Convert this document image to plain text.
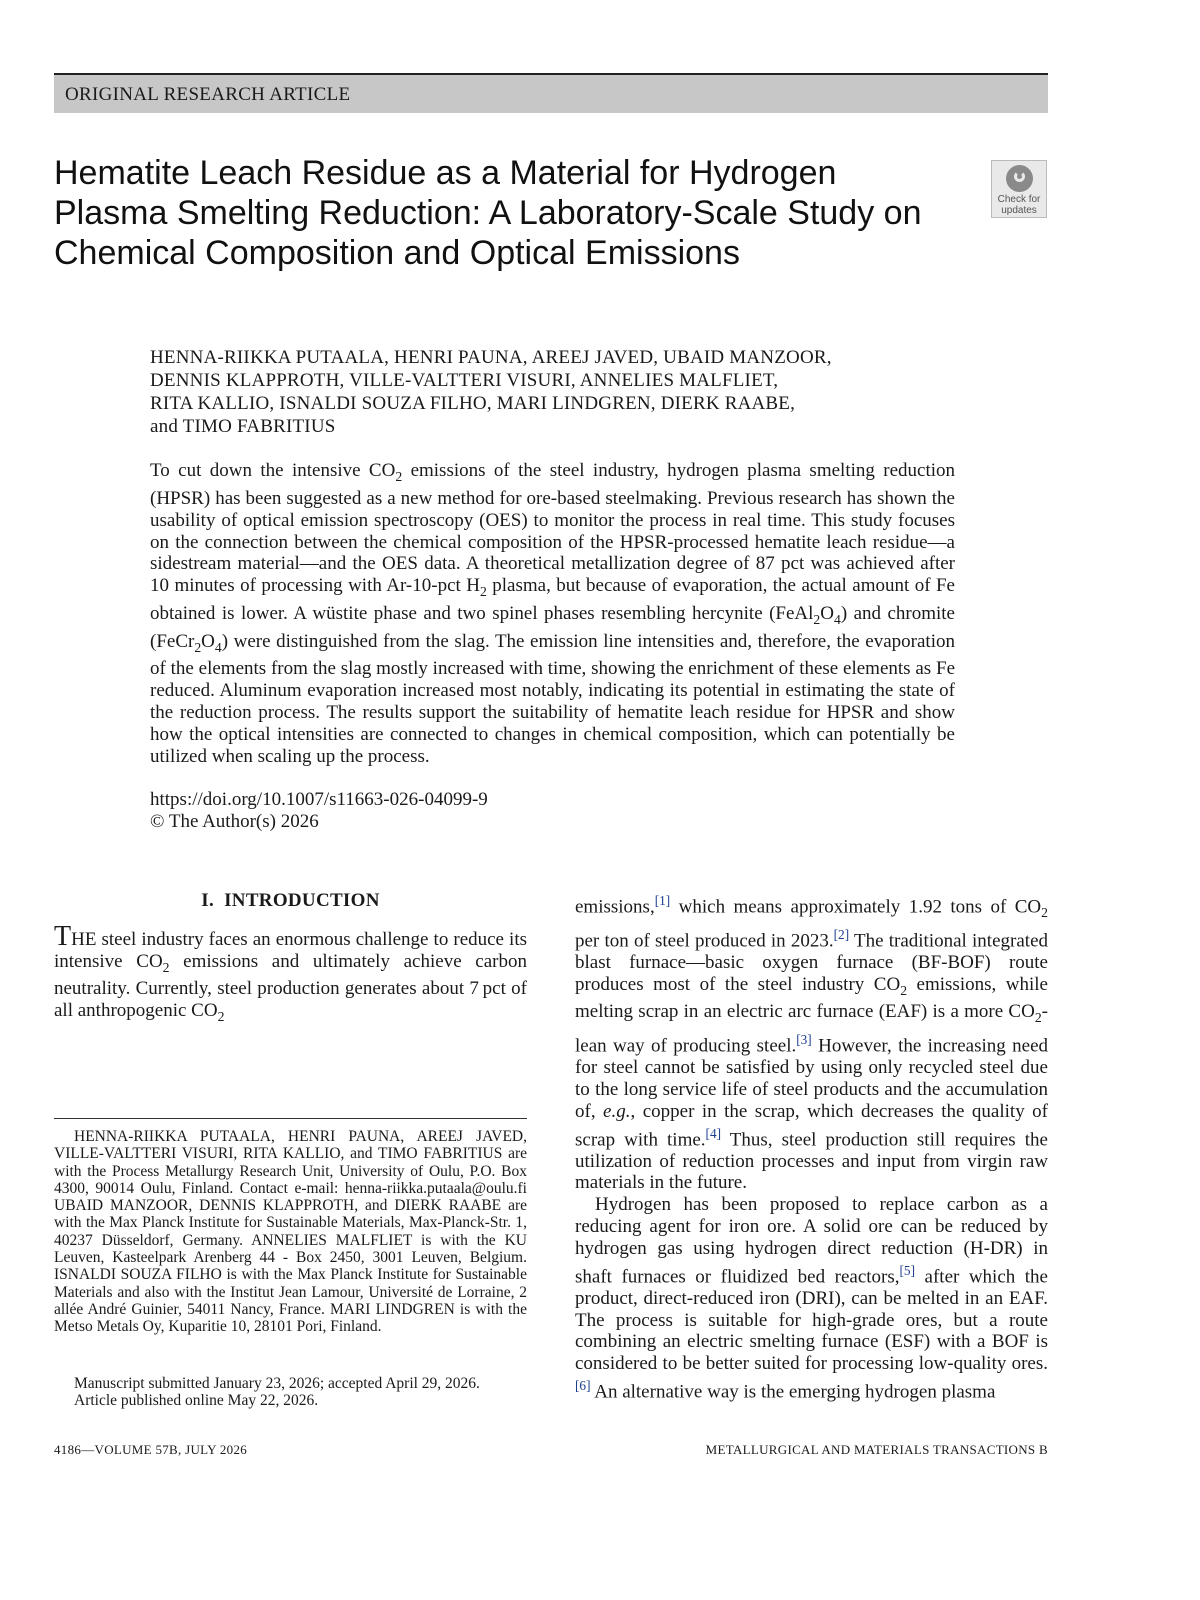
ORIGINAL RESEARCH ARTICLE
Hematite Leach Residue as a Material for Hydrogen Plasma Smelting Reduction: A Laboratory-Scale Study on Chemical Composition and Optical Emissions
Check for
updates
HENNA-RIIKKA PUTAALA, HENRI PAUNA, AREEJ JAVED, UBAID MANZOOR,
DENNIS KLAPPROTH, VILLE-VALTTERI VISURI, ANNELIES MALFLIET,
RITA KALLIO, ISNALDI SOUZA FILHO, MARI LINDGREN, DIERK RAABE,
and TIMO FABRITIUS

To cut down the intensive $CO_2$ emissions of the steel industry, hydrogen plasma smelting reduction (HPSR) has been suggested as a new method for ore-based steelmaking. Previous research has shown the usability of optical emission spectroscopy (OES) to monitor the process in real time. This study focuses on the connection between the chemical composition of the HPSR-processed hematite leach residue—a sidestream material—and the OES data. A theoretical metallization degree of 87 pct was achieved after 10 minutes of processing with Ar-10-pct $H_2$ plasma, but because of evaporation, the actual amount of Fe obtained is lower. A wüstite phase and two spinel phases resembling hercynite $(FeAl_2O_4)$ and chromite $(FeCr_2O_4)$ were distinguished from the slag. The emission line intensities and, therefore, the evaporation of the elements from the slag mostly increased with time, showing the enrichment of these elements as Fe reduced. Aluminum evaporation increased most notably, indicating its potential in estimating the state of the reduction process. The results support the suitability of hematite leach residue for HPSR and show how the optical intensities are connected to changes in chemical composition, which can potentially be utilized when scaling up the process.

https://doi.org/10.1007/s11663-026-04099-9
© The Author(s) 2026
I.  INTRODUCTION

THE steel industry faces an enormous challenge to reduce its intensive $CO_2$ emissions and ultimately achieve carbon neutrality. Currently, steel production generates about 7 pct of all anthropogenic $CO_2$

emissions,[1] which means approximately 1.92 tons of $CO_2$ per ton of steel produced in 2023.[2] The traditional integrated blast furnace—basic oxygen furnace (BF-BOF) route produces most of the steel industry $CO_2$ emissions, while melting scrap in an electric arc furnace (EAF) is a more $CO_2$-lean way of producing steel.[3] However, the increasing need for steel cannot be satisfied by using only recycled steel due to the long service life of steel products and the accumulation of, e.g., copper in the scrap, which decreases the quality of scrap with time.[4] Thus, steel production still requires the utilization of reduction processes and input from virgin raw materials in the future.

Hydrogen has been proposed to replace carbon as a reducing agent for iron ore. A solid ore can be reduced by hydrogen gas using hydrogen direct reduction (H-DR) in shaft furnaces or fluidized bed reactors,[5] after which the product, direct-reduced iron (DRI), can be melted in an EAF. The process is suitable for high-grade ores, but a route combining an electric smelting furnace (ESF) with a BOF is considered to be better suited for processing low-quality ores.[6] An alternative way is the emerging hydrogen plasma

HENNA-RIIKKA PUTAALA, HENRI PAUNA, AREEJ JAVED, VILLE-VALTTERI VISURI, RITA KALLIO, and TIMO FABRITIUS are with the Process Metallurgy Research Unit, University of Oulu, P.O. Box 4300, 90014 Oulu, Finland. Contact e-mail: henna-riikka.putaala@oulu.fi UBAID MANZOOR, DENNIS KLAPPROTH, and DIERK RAABE are with the Max Planck Institute for Sustainable Materials, Max-Planck-Str. 1, 40237 Düsseldorf, Germany. ANNELIES MALFLIET is with the KU Leuven, Kasteelpark Arenberg 44 - Box 2450, 3001 Leuven, Belgium. ISNALDI SOUZA FILHO is with the Max Planck Institute for Sustainable Materials and also with the Institut Jean Lamour, Université de Lorraine, 2 allée André Guinier, 54011 Nancy, France. MARI LINDGREN is with the Metso Metals Oy, Kuparitie 10, 28101 Pori, Finland.

Manuscript submitted January 23, 2026; accepted April 29, 2026.
Article published online May 22, 2026.
4186—VOLUME 57B, JULY 2026	METALLURGICAL AND MATERIALS TRANSACTIONS B
